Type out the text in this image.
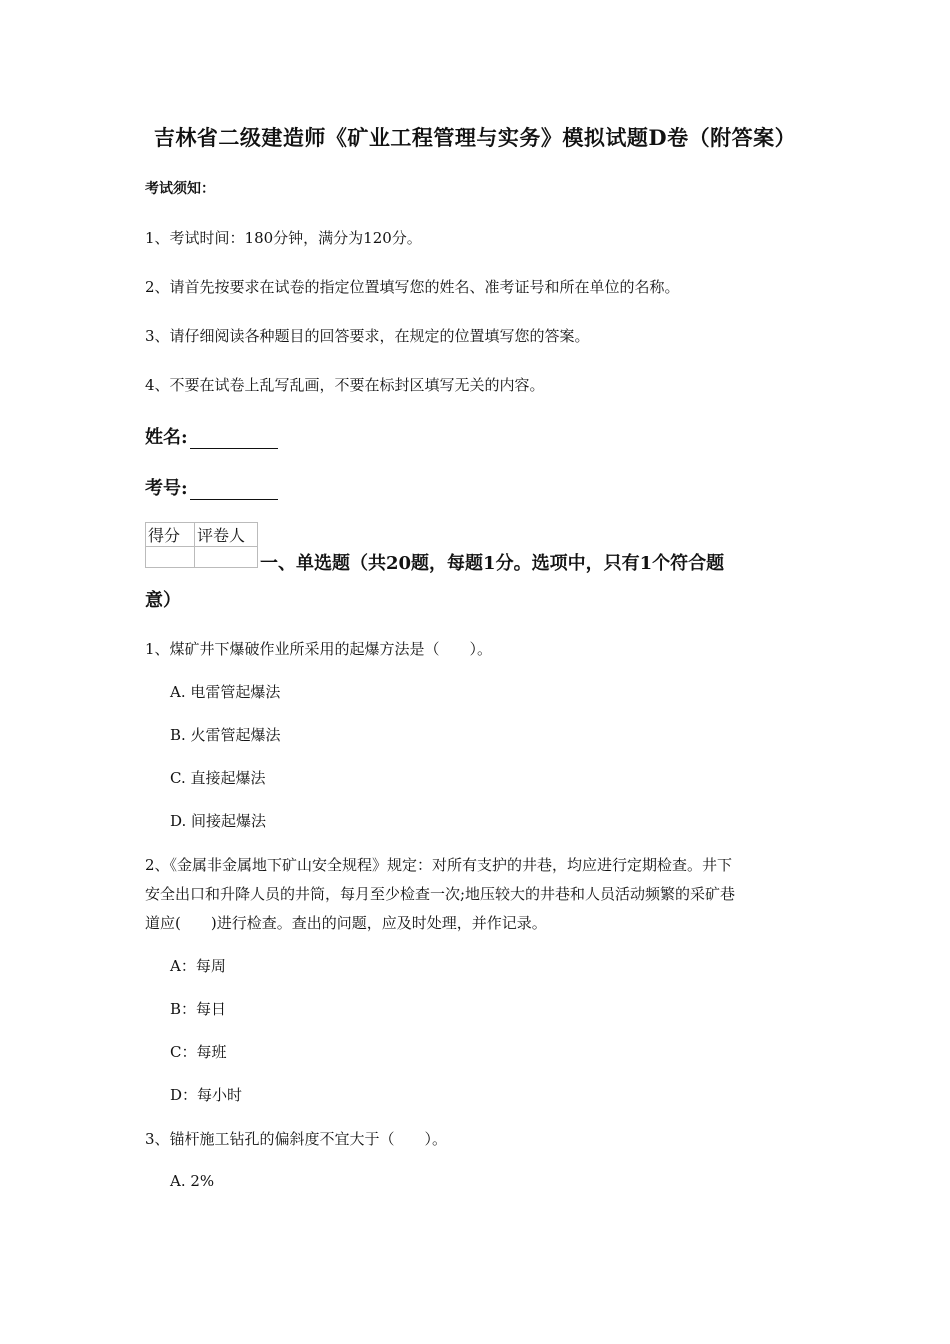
吉林省二级建造师《矿业工程管理与实务》模拟试题D卷（附答案）
考试须知：
1、考试时间：180分钟，满分为120分。
2、请首先按要求在试卷的指定位置填写您的姓名、准考证号和所在单位的名称。
3、请仔细阅读各种题目的回答要求，在规定的位置填写您的答案。
4、不要在试卷上乱写乱画，不要在标封区填写无关的内容。
姓名:
考号:
得分	评卷人

一、单选题（共20题，每题1分。选项中，只有1个符合题
意）
1、煤矿井下爆破作业所采用的起爆方法是（　　）。
A. 电雷管起爆法
B. 火雷管起爆法
C. 直接起爆法
D. 间接起爆法
2、《金属非金属地下矿山安全规程》规定：对所有支护的井巷，均应进行定期检查。井下
安全出口和升降人员的井筒，每月至少检查一次;地压较大的井巷和人员活动频繁的采矿巷
道应(　　)进行检查。查出的问题，应及时处理，并作记录。
A：每周
B：每日
C：每班
D：每小时
3、锚杆施工钻孔的偏斜度不宜大于（　　）。
A. 2%
